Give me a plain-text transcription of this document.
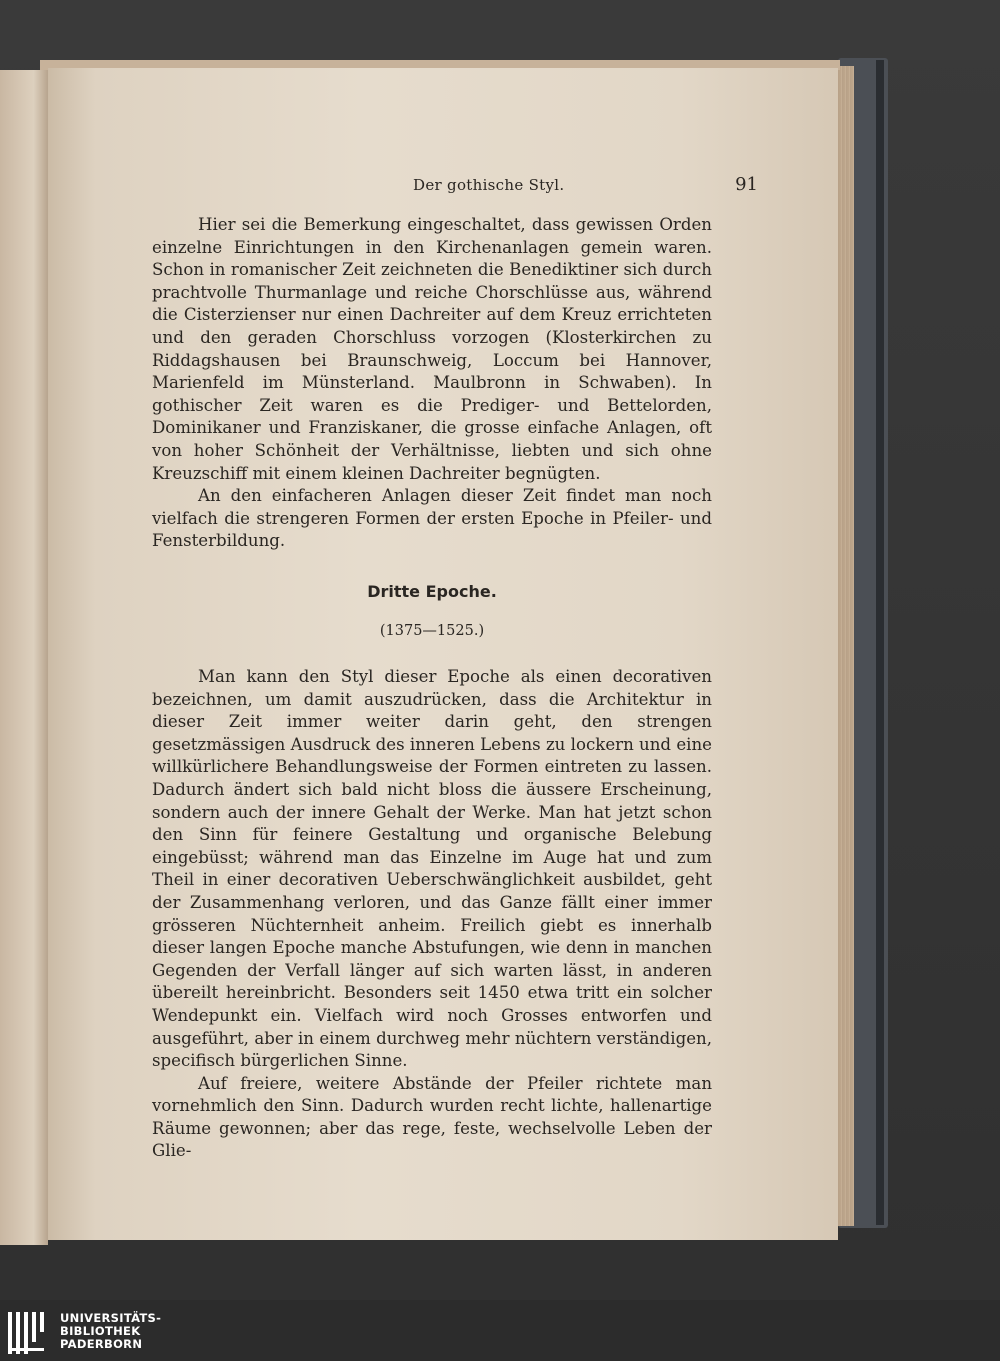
Der gothische Styl.	91

Hier sei die Bemerkung eingeschaltet, dass gewissen Orden einzelne Einrichtungen in den Kirchenanlagen gemein waren. Schon in romanischer Zeit zeichneten die Benediktiner sich durch prachtvolle Thurmanlage und reiche Chorschlüsse aus, während die Cisterzienser nur einen Dachreiter auf dem Kreuz errichteten und den geraden Chorschluss vorzogen (Klosterkirchen zu Riddagshausen bei Braunschweig, Loccum bei Hannover, Marienfeld im Münsterland. Maulbronn in Schwaben). In gothischer Zeit waren es die Prediger- und Bettelorden, Dominikaner und Franziskaner, die grosse einfache Anlagen, oft von hoher Schönheit der Verhältnisse, liebten und sich ohne Kreuzschiff mit einem kleinen Dachreiter begnügten.

An den einfacheren Anlagen dieser Zeit findet man noch vielfach die strengeren Formen der ersten Epoche in Pfeiler- und Fensterbildung.

Dritte Epoche.
(1375—1525.)

Man kann den Styl dieser Epoche als einen decorativen bezeichnen, um damit auszudrücken, dass die Architektur in dieser Zeit immer weiter darin geht, den strengen gesetzmässigen Ausdruck des inneren Lebens zu lockern und eine willkürlichere Behandlungsweise der Formen eintreten zu lassen. Dadurch ändert sich bald nicht bloss die äussere Erscheinung, sondern auch der innere Gehalt der Werke. Man hat jetzt schon den Sinn für feinere Gestaltung und organische Belebung eingebüsst; während man das Einzelne im Auge hat und zum Theil in einer decorativen Ueberschwänglichkeit ausbildet, geht der Zusammenhang verloren, und das Ganze fällt einer immer grösseren Nüchternheit anheim. Freilich giebt es innerhalb dieser langen Epoche manche Abstufungen, wie denn in manchen Gegenden der Verfall länger auf sich warten lässt, in anderen übereilt hereinbricht. Besonders seit 1450 etwa tritt ein solcher Wendepunkt ein. Vielfach wird noch Grosses entworfen und ausgeführt, aber in einem durchweg mehr nüchtern verständigen, specifisch bürgerlichen Sinne.

Auf freiere, weitere Abstände der Pfeiler richtete man vornehmlich den Sinn. Dadurch wurden recht lichte, hallenartige Räume gewonnen; aber das rege, feste, wechselvolle Leben der Glie-

UNIVERSITÄTS-
BIBLIOTHEK
PADERBORN
